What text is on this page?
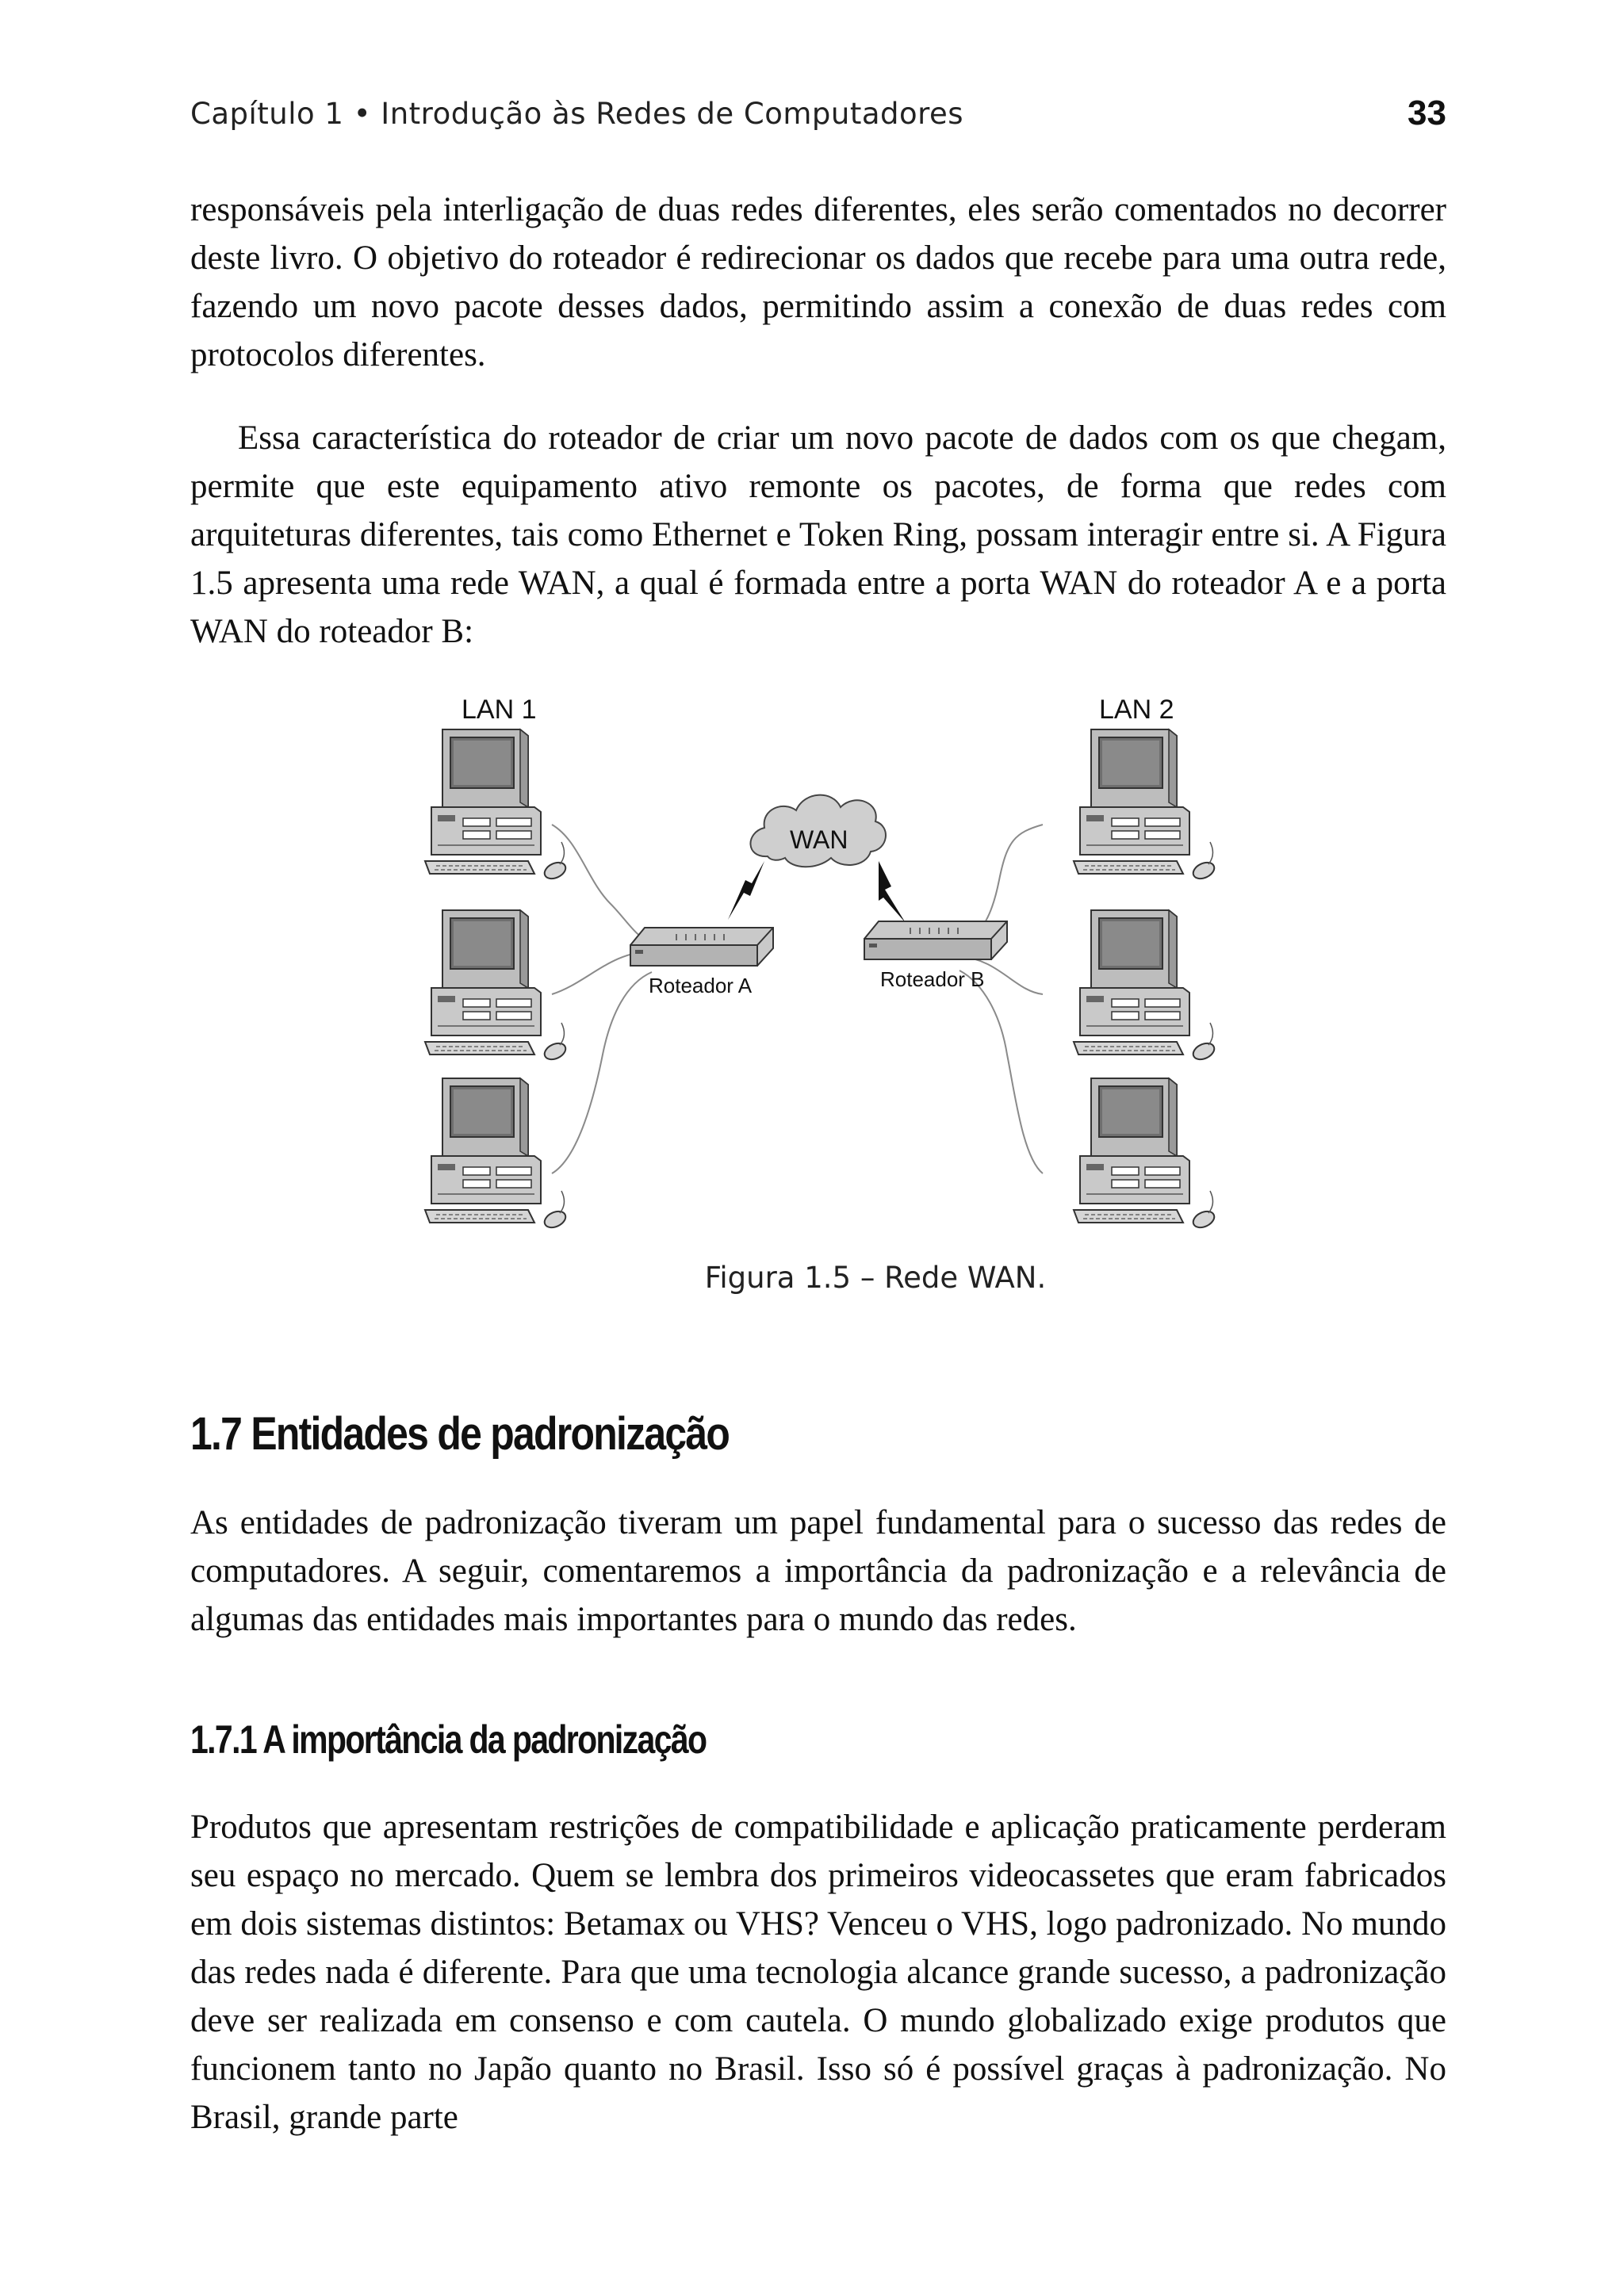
Capítulo 1 • Introdução às Redes de Computadores	33

responsáveis pela interligação de duas redes diferentes, eles serão comentados no decorrer deste livro. O objetivo do roteador é redirecionar os dados que recebe para uma outra rede, fazendo um novo pacote desses dados, permitindo assim a conexão de duas redes com protocolos diferentes.

Essa característica do roteador de criar um novo pacote de dados com os que chegam, permite que este equipamento ativo remonte os pacotes, de forma que redes com arquiteturas diferentes, tais como Ethernet e Token Ring, possam interagir entre si. A Figura 1.5 apresenta uma rede WAN, a qual é formada entre a porta WAN do roteador A e a porta WAN do roteador B:

LAN 1	LAN 2
WAN
Roteador A	Roteador B
Figura 1.5 – Rede WAN.
1.7 Entidades de padronização

As entidades de padronização tiveram um papel fundamental para o sucesso das redes de computadores. A seguir, comentaremos a importância da padronização e a relevância de algumas das entidades mais importantes para o mundo das redes.

1.7.1 A importância da padronização

Produtos que apresentam restrições de compatibilidade e aplicação praticamente perderam seu espaço no mercado. Quem se lembra dos primeiros videocassetes que eram fabricados em dois sistemas distintos: Betamax ou VHS? Venceu o VHS, logo padronizado. No mundo das redes nada é diferente. Para que uma tecnologia alcance grande sucesso, a padronização deve ser realizada em consenso e com cautela. O mundo globalizado exige produtos que funcionem tanto no Japão quanto no Brasil. Isso só é possível graças à padronização. No Brasil, grande parte
